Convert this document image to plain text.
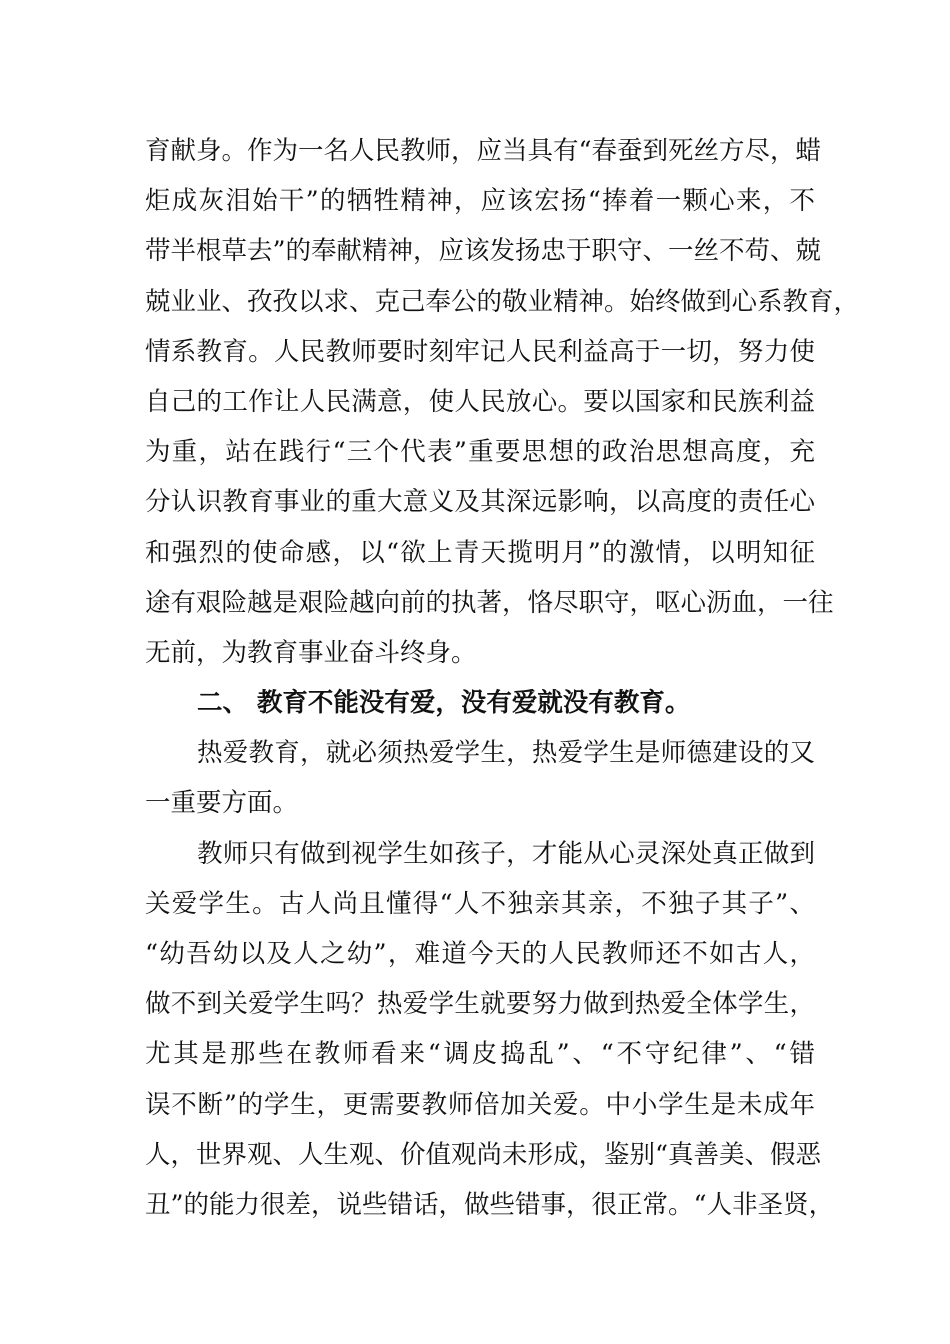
育献身。作为一名人民教师，应当具有“春蚕到死丝方尽，蜡
炬成灰泪始干”的牺牲精神，应该宏扬“捧着一颗心来，不
带半根草去”的奉献精神，应该发扬忠于职守、一丝不苟、兢
兢业业、孜孜以求、克己奉公的敬业精神。始终做到心系教育，
情系教育。人民教师要时刻牢记人民利益高于一切，努力使
自己的工作让人民满意，使人民放心。要以国家和民族利益
为重，站在践行“三个代表”重要思想的政治思想高度，充
分认识教育事业的重大意义及其深远影响，以高度的责任心
和强烈的使命感，以“欲上青天揽明月”的激情，以明知征
途有艰险越是艰险越向前的执著，恪尽职守，呕心沥血，一往
无前，为教育事业奋斗终身。
二、 教育不能没有爱，没有爱就没有教育。
热爱教育，就必须热爱学生，热爱学生是师德建设的又
一重要方面。
教师只有做到视学生如孩子，才能从心灵深处真正做到
关爱学生。古人尚且懂得“人不独亲其亲，不独子其子”、
“幼吾幼以及人之幼”，难道今天的人民教师还不如古人，
做不到关爱学生吗？热爱学生就要努力做到热爱全体学生，
尤其是那些在教师看来“调皮捣乱”、“不守纪律”、“错
误不断”的学生，更需要教师倍加关爱。中小学生是未成年
人，世界观、人生观、价值观尚未形成，鉴别“真善美、假恶
丑”的能力很差，说些错话，做些错事，很正常。“人非圣贤，
